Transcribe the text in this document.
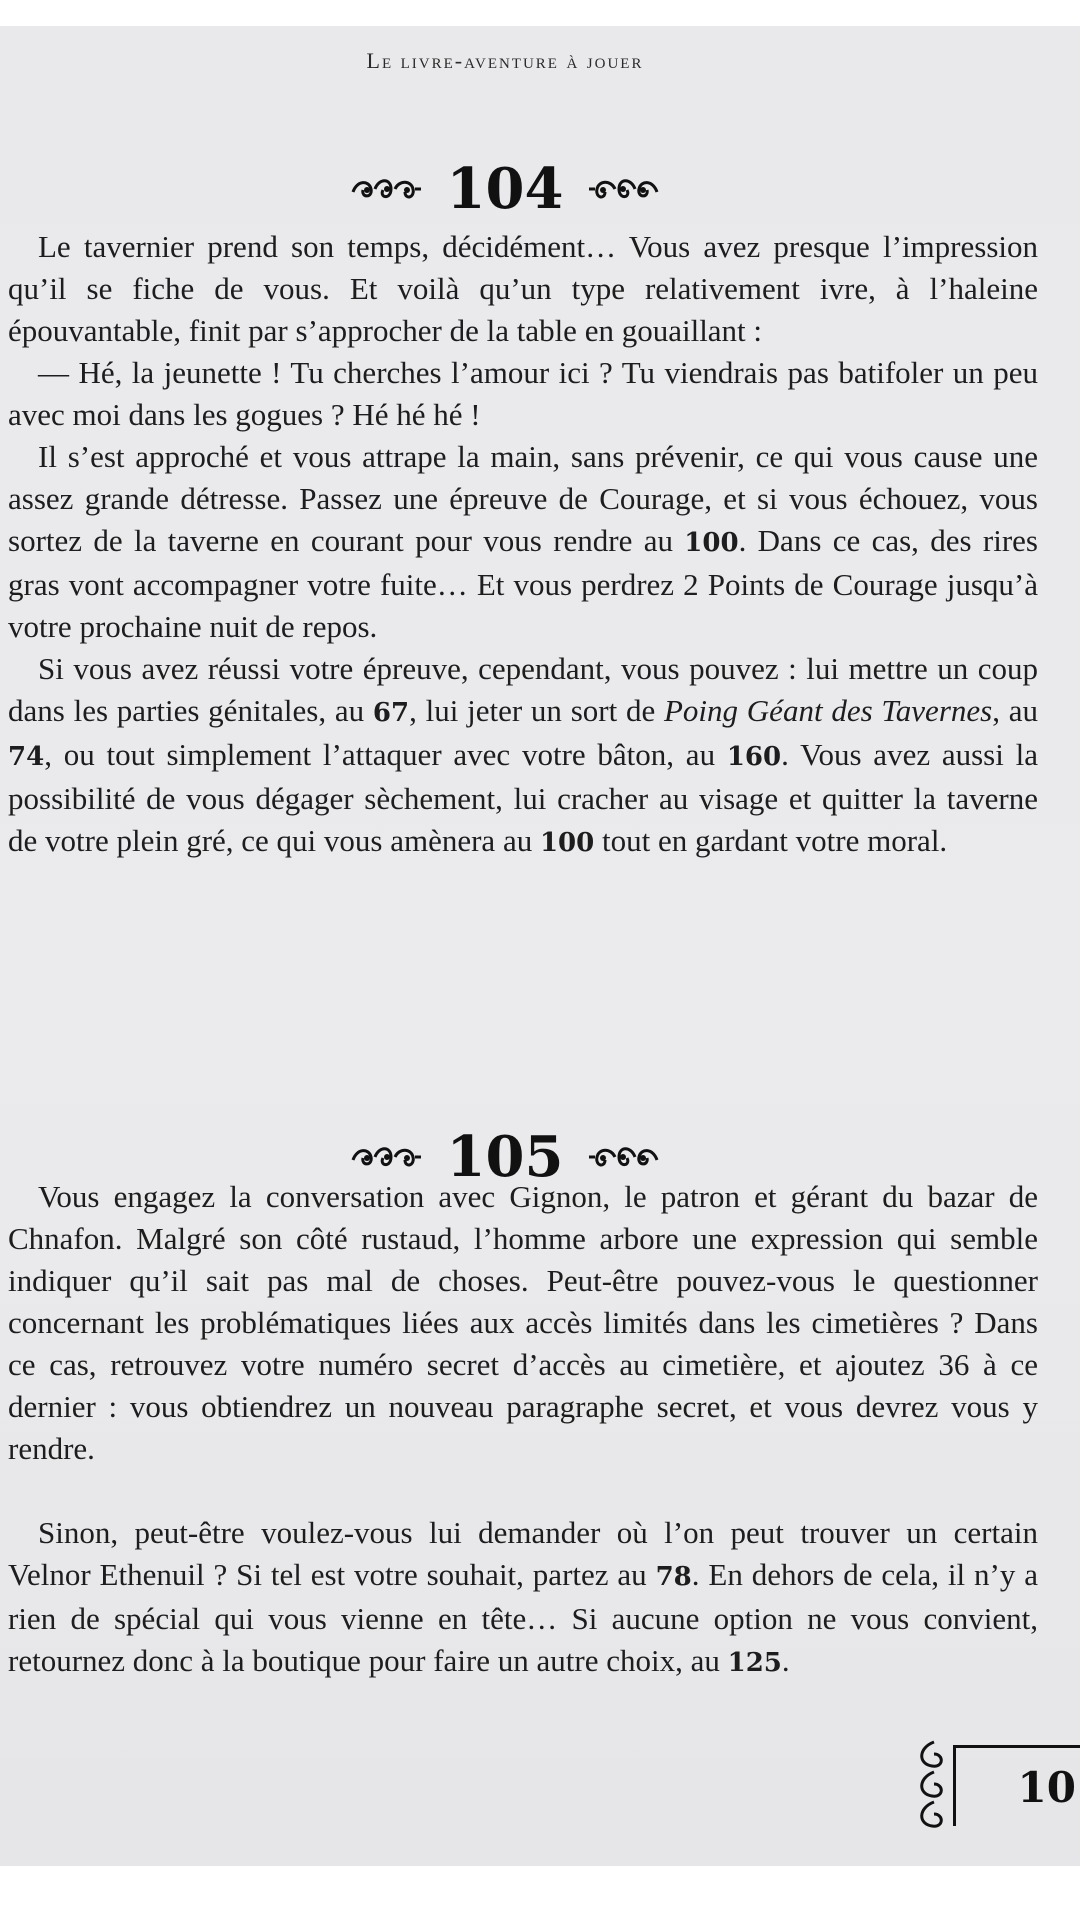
Le livre-aventure à jouer
104

Le tavernier prend son temps, décidément… Vous avez presque l’impression qu’il se fiche de vous. Et voilà qu’un type relativement ivre, à l’haleine épouvantable, finit par s’approcher de la table en gouaillant :

— Hé, la jeunette ! Tu cherches l’amour ici ? Tu viendrais pas batifoler un peu avec moi dans les gogues ? Hé hé hé !

Il s’est approché et vous attrape la main, sans prévenir, ce qui vous cause une assez grande détresse. Passez une épreuve de Courage, et si vous échouez, vous sortez de la taverne en courant pour vous rendre au 100. Dans ce cas, des rires gras vont accompagner votre fuite… Et vous perdrez 2 Points de Courage jusqu’à votre prochaine nuit de repos.

Si vous avez réussi votre épreuve, cependant, vous pouvez : lui mettre un coup dans les parties génitales, au 67, lui jeter un sort de Poing Géant des Tavernes, au 74, ou tout simplement l’attaquer avec votre bâton, au 160. Vous avez aussi la possibilité de vous dégager sèchement, lui cracher au visage et quitter la taverne de votre plein gré, ce qui vous amènera au 100 tout en gardant votre moral.

105

Vous engagez la conversation avec Gignon, le patron et gérant du bazar de Chnafon. Malgré son côté rustaud, l’homme arbore une expression qui semble indiquer qu’il sait pas mal de choses. Peut-être pouvez-vous le questionner concernant les problématiques liées aux accès limités dans les cimetières ? Dans ce cas, retrouvez votre numéro secret d’accès au cimetière, et ajoutez 36 à ce dernier : vous obtiendrez un nouveau paragraphe secret, et vous devrez vous y rendre.

Sinon, peut-être voulez-vous lui demander où l’on peut trouver un certain Velnor Ethenuil ? Si tel est votre souhait, partez au 78. En dehors de cela, il n’y a rien de spécial qui vous vienne en tête… Si aucune option ne vous convient, retournez donc à la boutique pour faire un autre choix, au 125.

10
